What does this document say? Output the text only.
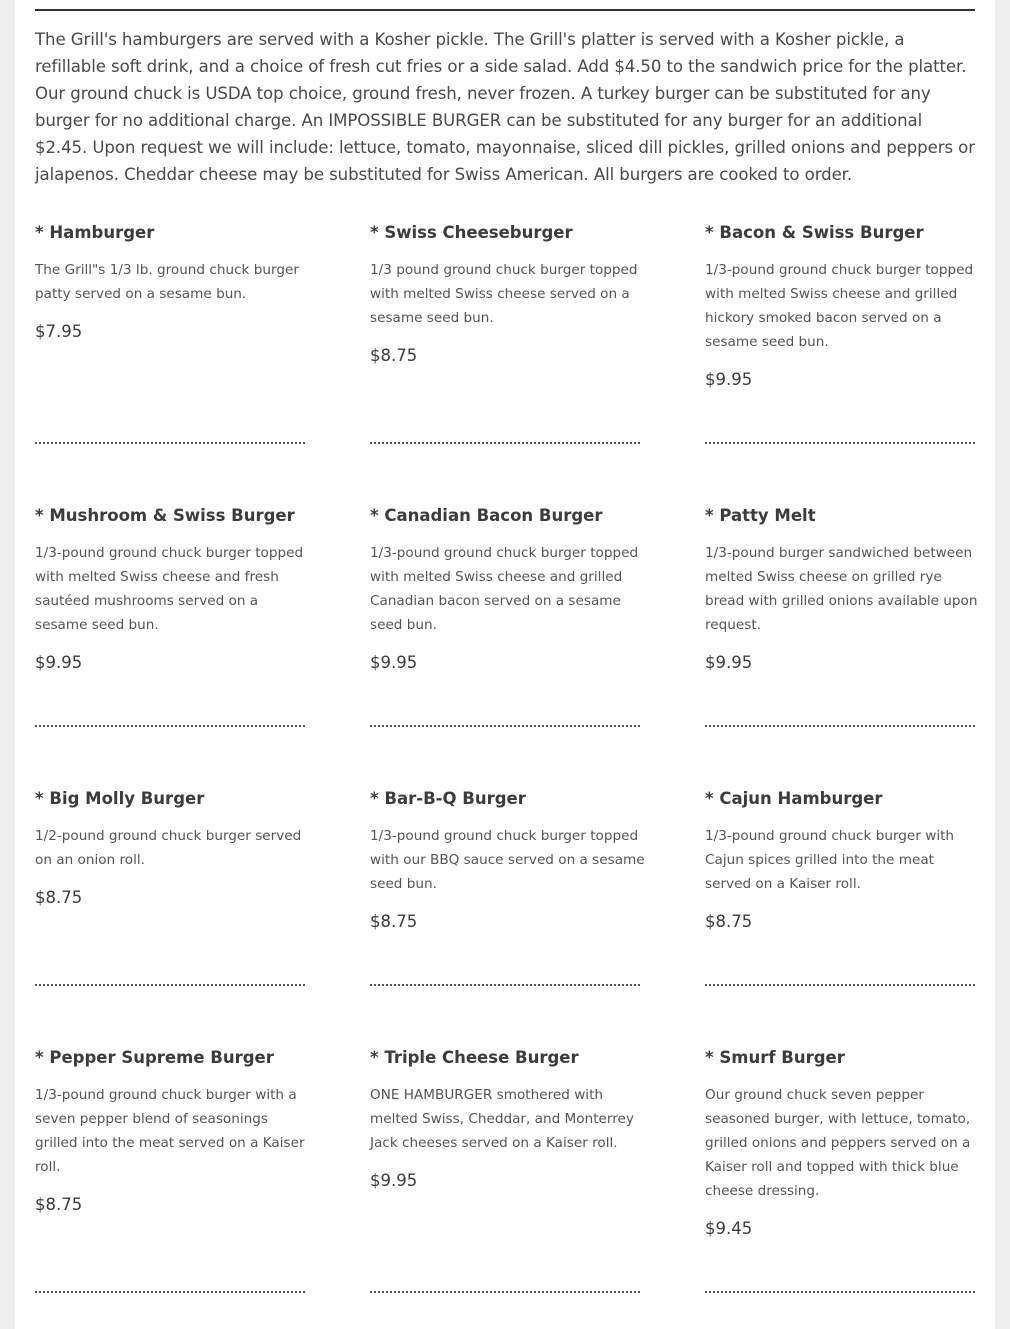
The Grill's hamburgers are served with a Kosher pickle. The Grill's platter is served with a Kosher pickle, a refillable soft drink, and a choice of fresh cut fries or a side salad. Add $4.50 to the sandwich price for the platter. Our ground chuck is USDA top choice, ground fresh, never frozen. A turkey burger can be substituted for any burger for no additional charge. An IMPOSSIBLE BURGER can be substituted for any burger for an additional $2.45. Upon request we will include: lettuce, tomato, mayonnaise, sliced dill pickles, grilled onions and peppers or jalapenos. Cheddar cheese may be substituted for Swiss American. All burgers are cooked to order.

* Hamburger

The Grill"s 1/3 lb. ground chuck burger patty served on a sesame bun.

$7.95

* Swiss Cheeseburger

1/3 pound ground chuck burger topped with melted Swiss cheese served on a sesame seed bun.

$8.75

* Bacon & Swiss Burger

1/3-pound ground chuck burger topped with melted Swiss cheese and grilled hickory smoked bacon served on a sesame seed bun.

$9.95

* Mushroom & Swiss Burger

1/3-pound ground chuck burger topped with melted Swiss cheese and fresh sautéed mushrooms served on a sesame seed bun.

$9.95

* Canadian Bacon Burger

1/3-pound ground chuck burger topped with melted Swiss cheese and grilled Canadian bacon served on a sesame seed bun.

$9.95

* Patty Melt

1/3-pound burger sandwiched between melted Swiss cheese on grilled rye bread with grilled onions available upon request.

$9.95

* Big Molly Burger

1/2-pound ground chuck burger served on an onion roll.

$8.75

* Bar-B-Q Burger

1/3-pound ground chuck burger topped with our BBQ sauce served on a sesame seed bun.

$8.75

* Cajun Hamburger

1/3-pound ground chuck burger with Cajun spices grilled into the meat served on a Kaiser roll.

$8.75

* Pepper Supreme Burger

1/3-pound ground chuck burger with a seven pepper blend of seasonings grilled into the meat served on a Kaiser roll.

$8.75

* Triple Cheese Burger

ONE HAMBURGER smothered with melted Swiss, Cheddar, and Monterrey Jack cheeses served on a Kaiser roll.

$9.95

* Smurf Burger

Our ground chuck seven pepper seasoned burger, with lettuce, tomato, grilled onions and peppers served on a Kaiser roll and topped with thick blue cheese dressing.

$9.45
